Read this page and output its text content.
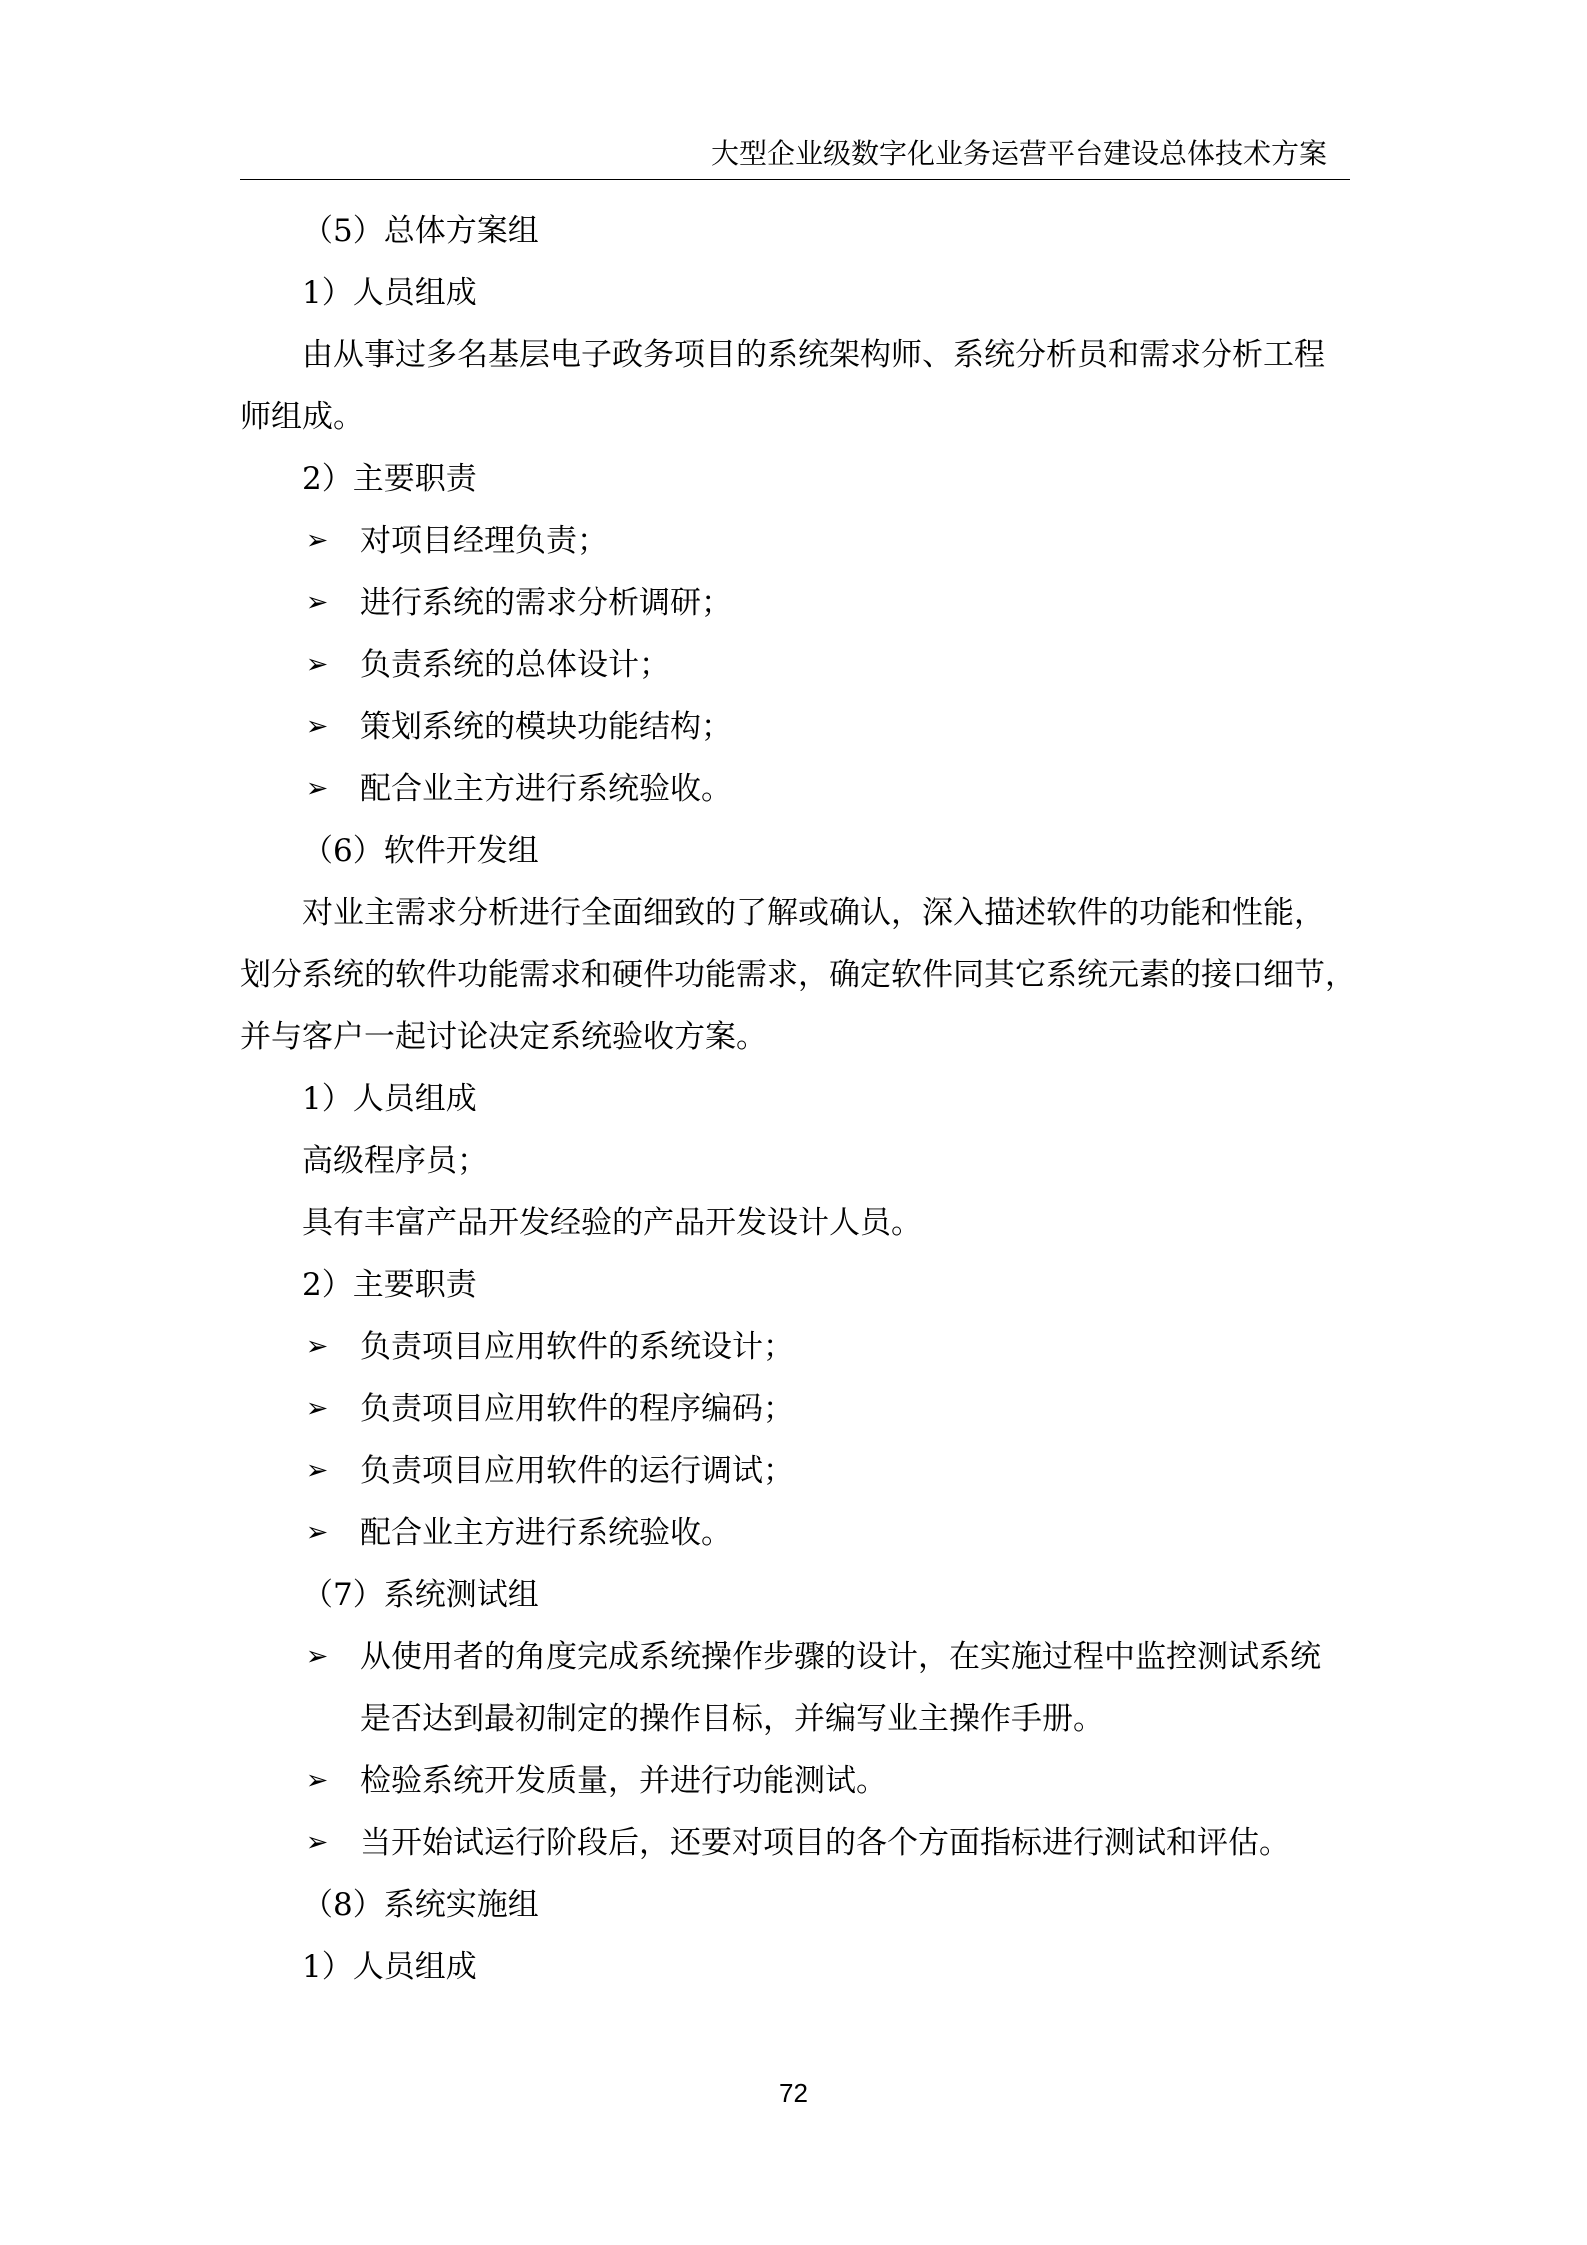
大型企业级数字化业务运营平台建设总体技术方案
（5）总体方案组
1）人员组成
由从事过多名基层电子政务项目的系统架构师、系统分析员和需求分析工程
师组成。
2）主要职责
➢ 对项目经理负责；
➢ 进行系统的需求分析调研；
➢ 负责系统的总体设计；
➢ 策划系统的模块功能结构；
➢ 配合业主方进行系统验收。
（6）软件开发组
对业主需求分析进行全面细致的了解或确认，深入描述软件的功能和性能，
划分系统的软件功能需求和硬件功能需求，确定软件同其它系统元素的接口细节，
并与客户一起讨论决定系统验收方案。
1）人员组成
高级程序员；
具有丰富产品开发经验的产品开发设计人员。
2）主要职责
➢ 负责项目应用软件的系统设计；
➢ 负责项目应用软件的程序编码；
➢ 负责项目应用软件的运行调试；
➢ 配合业主方进行系统验收。
（7）系统测试组
➢ 从使用者的角度完成系统操作步骤的设计，在实施过程中监控测试系统
是否达到最初制定的操作目标，并编写业主操作手册。
➢ 检验系统开发质量，并进行功能测试。
➢ 当开始试运行阶段后，还要对项目的各个方面指标进行测试和评估。
（8）系统实施组
1）人员组成
72
